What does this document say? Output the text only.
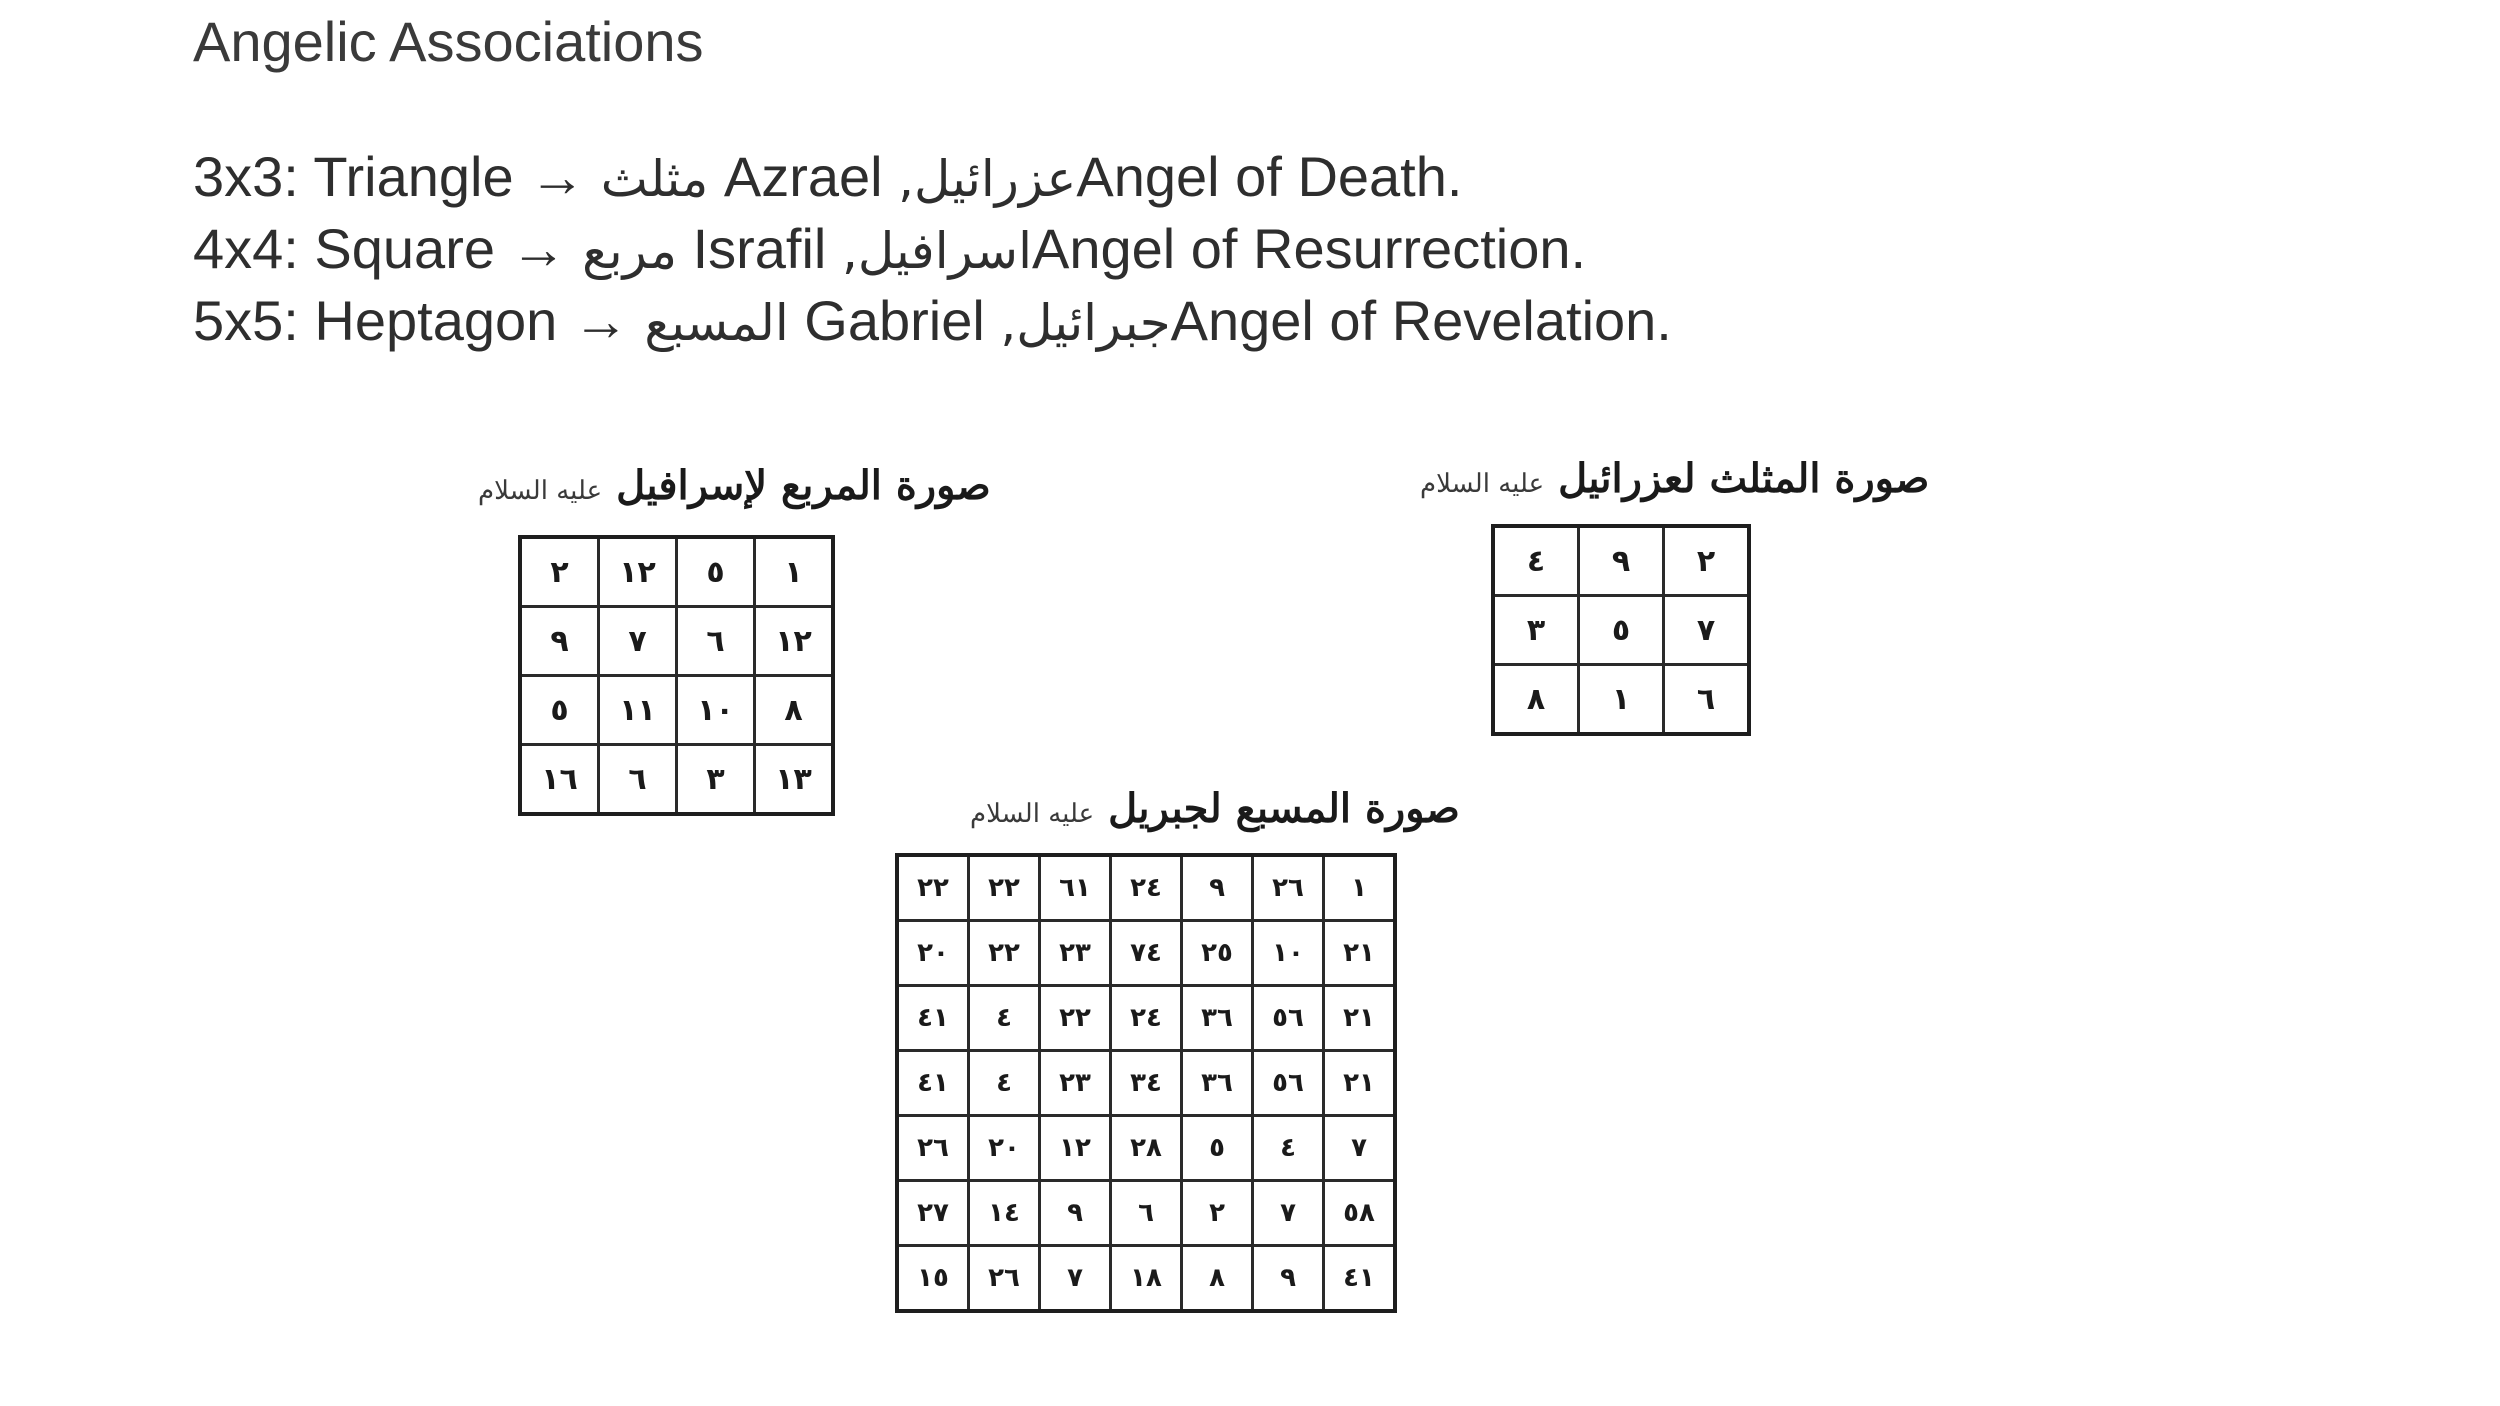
Angelic Associations
3x3: Triangle → مثلث Azrael ,عزرائيلAngel of Death.
4x4: Square → مربع Israfil ,اسرافيلAngel of Resurrection.
5x5: Heptagon → المسبع Gabriel ,جبرائيلAngel of Revelation.
صورة المربع لإسرافيل عليه السلام
١	٥	١٢	٢
١٢	٦	٧	٩
٨	١٠	١١	٥
١٣	٣	٦	١٦
صورة المثلث لعزرائيل عليه السلام
٢	٩	٤
٧	٥	٣
٦	١	٨
صورة المسبع لجبريل عليه السلام
١	٢٦	٩	٢٤	٦١	٢٢	٢٢
٢١	١٠	٢٥	٧٤	٢٣	٢٢	٢٠
٢١	٥٦	٣٦	٢٤	٢٢	٤	٤١
٢١	٥٦	٣٦	٣٤	٢٣	٤	٤١
٧	٤	٥	٢٨	١٢	٢٠	٢٦
٥٨	٧	٢	٦	٩	١٤	٢٧
٤١	٩	٨	١٨	٧	٢٦	١٥
